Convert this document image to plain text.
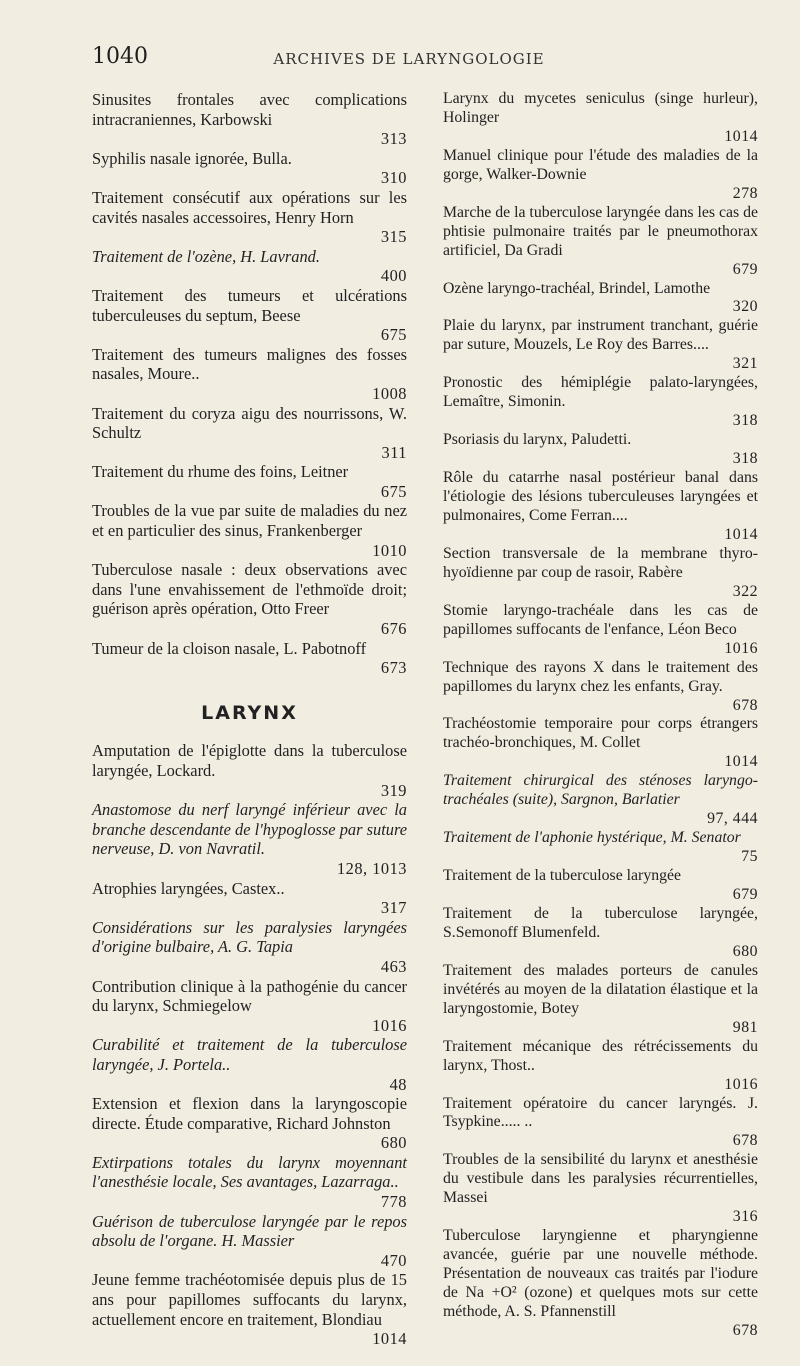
1040	ARCHIVES DE LARYNGOLOGIE

Sinusites frontales avec complications intracraniennes, Karbowski
313

Syphilis nasale ignorée, Bulla.
310

Traitement consécutif aux opérations sur les cavités nasales accessoires, Henry Horn
315

Traitement de l'ozène, H. Lavrand.
400

Traitement des tumeurs et ulcérations tuberculeuses du septum, Beese
675

Traitement des tumeurs malignes des fosses nasales, Moure..
1008

Traitement du coryza aigu des nourrissons, W. Schultz
311

Traitement du rhume des foins, Leitner
675

Troubles de la vue par suite de maladies du nez et en particulier des sinus, Frankenberger
1010

Tuberculose nasale : deux observations avec dans l'une envahissement de l'ethmoïde droit; guérison après opération, Otto Freer
676

Tumeur de la cloison nasale, L. Pabotnoff
673

LARYNX

Amputation de l'épiglotte dans la tuberculose laryngée, Lockard.
319

Anastomose du nerf laryngé inférieur avec la branche descendante de l'hypoglosse par suture nerveuse, D. von Navratil.
128, 1013

Atrophies laryngées, Castex..
317

Considérations sur les paralysies laryngées d'origine bulbaire, A. G. Tapia
463

Contribution clinique à la pathogénie du cancer du larynx, Schmiegelow
1016

Curabilité et traitement de la tuberculose laryngée, J. Portela..
48

Extension et flexion dans la laryngoscopie directe. Étude comparative, Richard Johnston
680

Extirpations totales du larynx moyennant l'anesthésie locale, Ses avantages, Lazarraga..
778

Guérison de tuberculose laryngée par le repos absolu de l'organe. H. Massier
470

Jeune femme trachéotomisée depuis plus de 15 ans pour papillomes suffocants du larynx, actuellement encore en traitement, Blondiau
1014

Larynx du mycetes seniculus (singe hurleur), Holinger
1014

Manuel clinique pour l'étude des maladies de la gorge, Walker-Downie
278

Marche de la tuberculose laryngée dans les cas de phtisie pulmonaire traités par le pneumothorax artificiel, Da Gradi
679

Ozène laryngo-trachéal, Brindel, Lamothe
320

Plaie du larynx, par instrument tranchant, guérie par suture, Mouzels, Le Roy des Barres....
321

Pronostic des hémiplégie palato-laryngées, Lemaître, Simonin.
318

Psoriasis du larynx, Paludetti.
318

Rôle du catarrhe nasal postérieur banal dans l'étiologie des lésions tuberculeuses laryngées et pulmonaires, Come Ferran....
1014

Section transversale de la membrane thyro-hyoïdienne par coup de rasoir, Rabère
322

Stomie laryngo-trachéale dans les cas de papillomes suffocants de l'enfance, Léon Beco
1016

Technique des rayons X dans le traitement des papillomes du larynx chez les enfants, Gray.
678

Trachéostomie temporaire pour corps étrangers trachéo-bronchiques, M. Collet
1014

Traitement chirurgical des sténoses laryngo-trachéales (suite), Sargnon, Barlatier
97, 444

Traitement de l'aphonie hystérique, M. Senator
75

Traitement de la tuberculose laryngée
679

Traitement de la tuberculose laryngée, S.Semonoff Blumenfeld.
680

Traitement des malades porteurs de canules invétérés au moyen de la dilatation élastique et la laryngostomie, Botey
981

Traitement mécanique des rétrécissements du larynx, Thost..
1016

Traitement opératoire du cancer laryngés. J. Tsypkine..... ..
678

Troubles de la sensibilité du larynx et anesthésie du vestibule dans les paralysies récurrentielles, Massei
316

Tuberculose laryngienne et pharyngienne avancée, guérie par une nouvelle méthode. Présentation de nouveaux cas traités par l'iodure de Na +O² (ozone) et quelques mots sur cette méthode, A. S. Pfannenstill
678
